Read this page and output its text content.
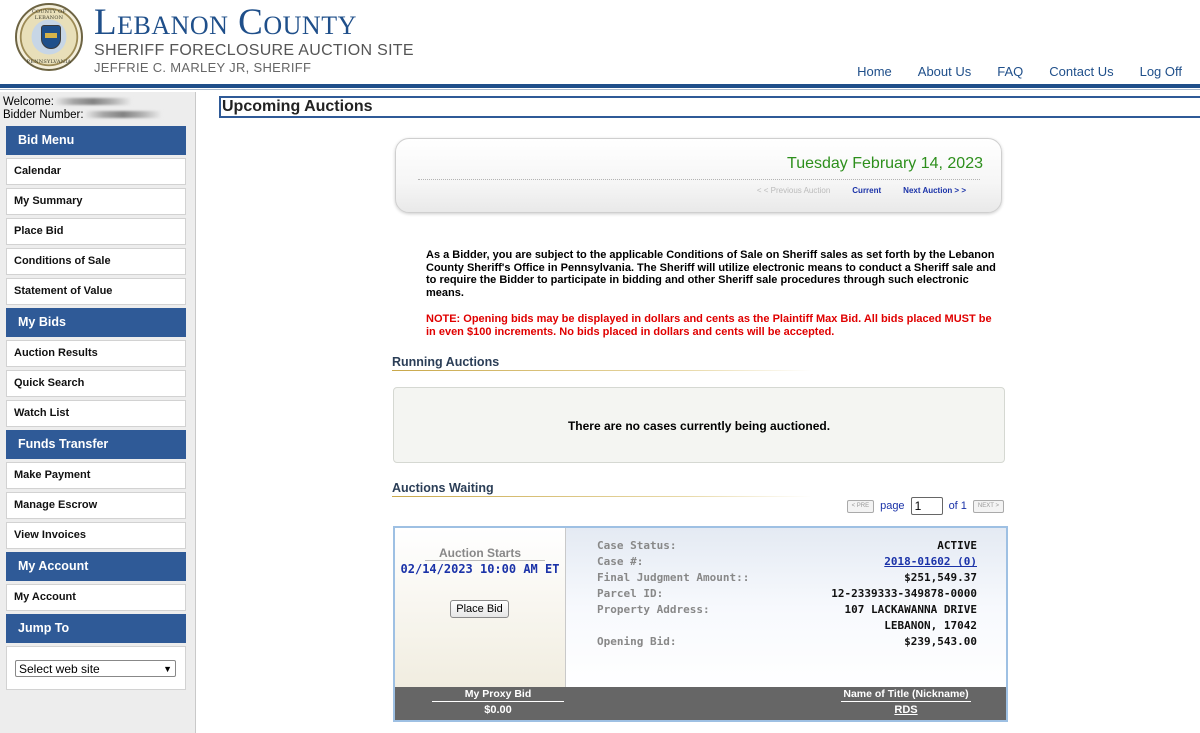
COUNTY OF LEBANON
PENNSYLVANIA
Lebanon County
SHERIFF FORECLOSURE AUCTION SITE
JEFFRIE C. MARLEY JR, SHERIFF	Home About Us FAQ Contact Us Log Off
Welcome:
Bidder Number:
Bid Menu
Calendar
My Summary
Place Bid
Conditions of Sale
Statement of Value
My Bids
Auction Results
Quick Search
Watch List
Funds Transfer
Make Payment
Manage Escrow
View Invoices
My Account
My Account
Jump To
Select web site	▼
Upcoming Auctions
Tuesday February 14, 2023
< < Previous Auction	Current	Next Auction > >
As a Bidder, you are subject to the applicable Conditions of Sale on Sheriff sales as set forth by the Lebanon County Sheriff's Office in Pennsylvania. The Sheriff will utilize electronic means to conduct a Sheriff sale and to require the Bidder to participate in bidding and other Sheriff sale procedures through such electronic means.
NOTE: Opening bids may be displayed in dollars and cents as the Plaintiff Max Bid. All bids placed MUST be in even $100 increments. No bids placed in dollars and cents will be accepted.
Running Auctions
There are no cases currently being auctioned.
Auctions Waiting
< PRE	page 1	of 1	NEXT >
Auction Starts
02/14/2023 10:00 AM ET
Place Bid
Case Status:	ACTIVE
Case #:	2018-01602 (0)
Final Judgment Amount::	$251,549.37
Parcel ID:	12-2339333-349878-0000
Property Address:	107 LACKAWANNA DRIVE
LEBANON, 17042
Opening Bid:	$239,543.00
My Proxy Bid
$0.00
Name of Title (Nickname)
RDS
